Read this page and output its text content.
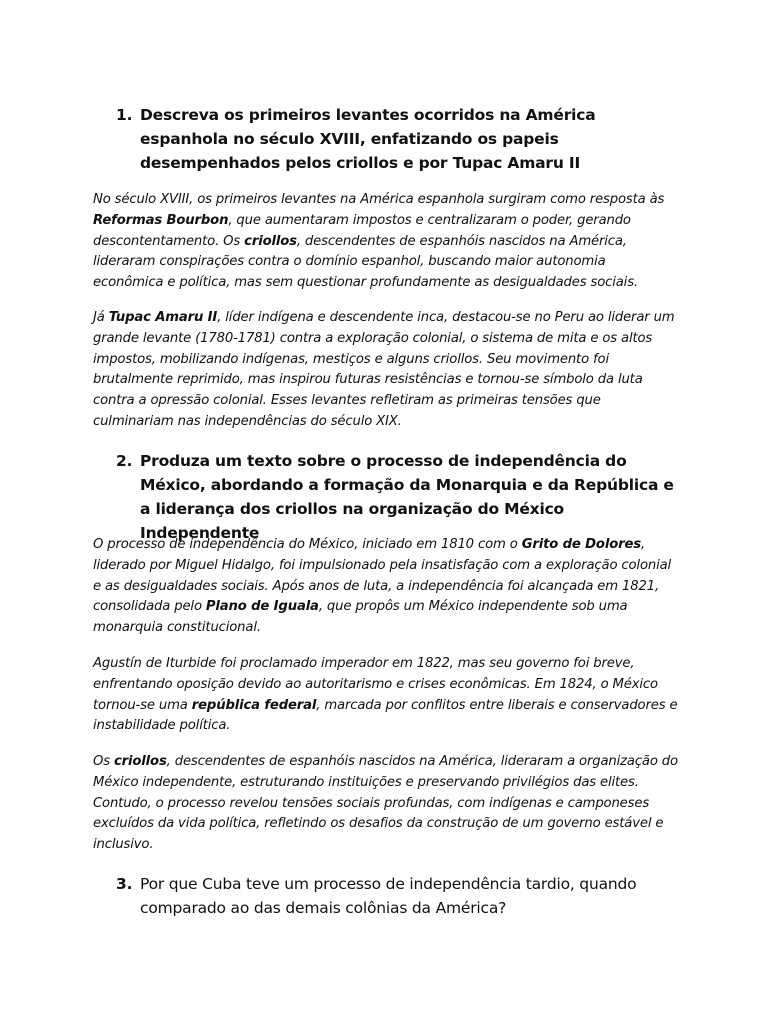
1. Descreva os primeiros levantes ocorridos na América espanhola no século XVIII, enfatizando os papeis desempenhados pelos criollos e por Tupac Amaru II
No século XVIII, os primeiros levantes na América espanhola surgiram como resposta às Reformas Bourbon, que aumentaram impostos e centralizaram o poder, gerando descontentamento. Os criollos, descendentes de espanhóis nascidos na América, lideraram conspirações contra o domínio espanhol, buscando maior autonomia econômica e política, mas sem questionar profundamente as desigualdades sociais.
Já Tupac Amaru II, líder indígena e descendente inca, destacou-se no Peru ao liderar um grande levante (1780-1781) contra a exploração colonial, o sistema de mita e os altos impostos, mobilizando indígenas, mestiços e alguns criollos. Seu movimento foi brutalmente reprimido, mas inspirou futuras resistências e tornou-se símbolo da luta contra a opressão colonial. Esses levantes refletiram as primeiras tensões que culminariam nas independências do século XIX.
2. Produza um texto sobre o processo de independência do México, abordando a formação da Monarquia e da República e a liderança dos criollos na organização do México Independente
O processo de independência do México, iniciado em 1810 com o Grito de Dolores, liderado por Miguel Hidalgo, foi impulsionado pela insatisfação com a exploração colonial e as desigualdades sociais. Após anos de luta, a independência foi alcançada em 1821, consolidada pelo Plano de Iguala, que propôs um México independente sob uma monarquia constitucional.
Agustín de Iturbide foi proclamado imperador em 1822, mas seu governo foi breve, enfrentando oposição devido ao autoritarismo e crises econômicas. Em 1824, o México tornou-se uma república federal, marcada por conflitos entre liberais e conservadores e instabilidade política.
Os criollos, descendentes de espanhóis nascidos na América, lideraram a organização do México independente, estruturando instituições e preservando privilégios das elites. Contudo, o processo revelou tensões sociais profundas, com indígenas e camponeses excluídos da vida política, refletindo os desafios da construção de um governo estável e inclusivo.
3. Por que Cuba teve um processo de independência tardio, quando comparado ao das demais colônias da América?
